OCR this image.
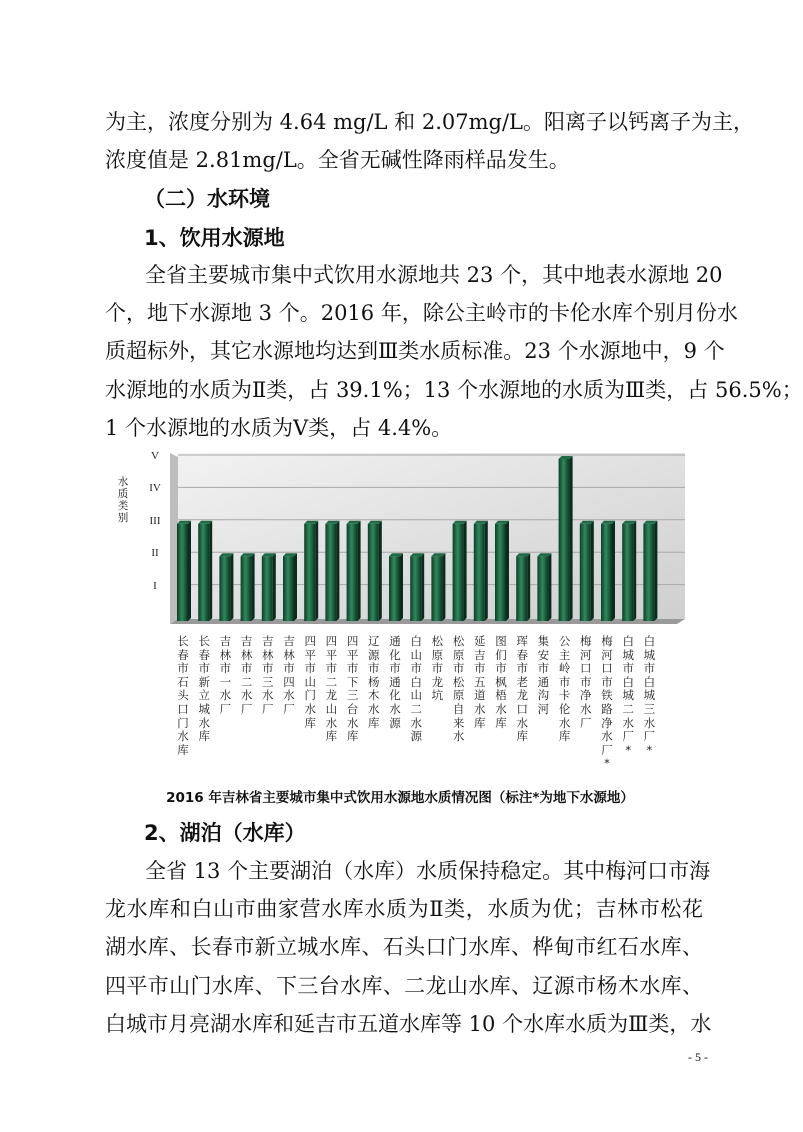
为主，浓度分别为 4.64 mg/L 和 2.07mg/L。阳离子以钙离子为主，
浓度值是 2.81mg/L。全省无碱性降雨样品发生。
（二）水环境
1、饮用水源地
全省主要城市集中式饮用水源地共 23 个，其中地表水源地 20
个，地下水源地 3 个。2016 年，除公主岭市的卡伦水库个别月份水
质超标外，其它水源地均达到Ⅲ类水质标准。23 个水源地中，9 个
水源地的水质为Ⅱ类，占 39.1%；13 个水源地的水质为Ⅲ类，占 56.5%；
1 个水源地的水质为Ⅴ类，占 4.4%。
水质类别
I
II
III
IV
V
长春市石头口门水库
长春市新立城水库
吉林市一水厂
吉林市二水厂
吉林市三水厂
吉林市四水厂
四平市山门水库
四平市二龙山水库
四平市下三台水库
辽源市杨木水库
通化市通化水源
白山市白山二水源
松原市龙坑
松原市松原自来水
延吉市五道水库
图们市枫梧水库
珲春市老龙口水库
集安市通沟河
公主岭市卡伦水库
梅河口市净水厂
梅河口市铁路净水厂*
白城市白城二水厂*
白城市白城三水厂*
2016 年吉林省主要城市集中式饮用水源地水质情况图（标注*为地下水源地）
2、湖泊（水库）
全省 13 个主要湖泊（水库）水质保持稳定。其中梅河口市海
龙水库和白山市曲家营水库水质为Ⅱ类，水质为优；吉林市松花
湖水库、长春市新立城水库、石头口门水库、桦甸市红石水库、
四平市山门水库、下三台水库、二龙山水库、辽源市杨木水库、
白城市月亮湖水库和延吉市五道水库等 10 个水库水质为Ⅲ类，水
- 5 -
